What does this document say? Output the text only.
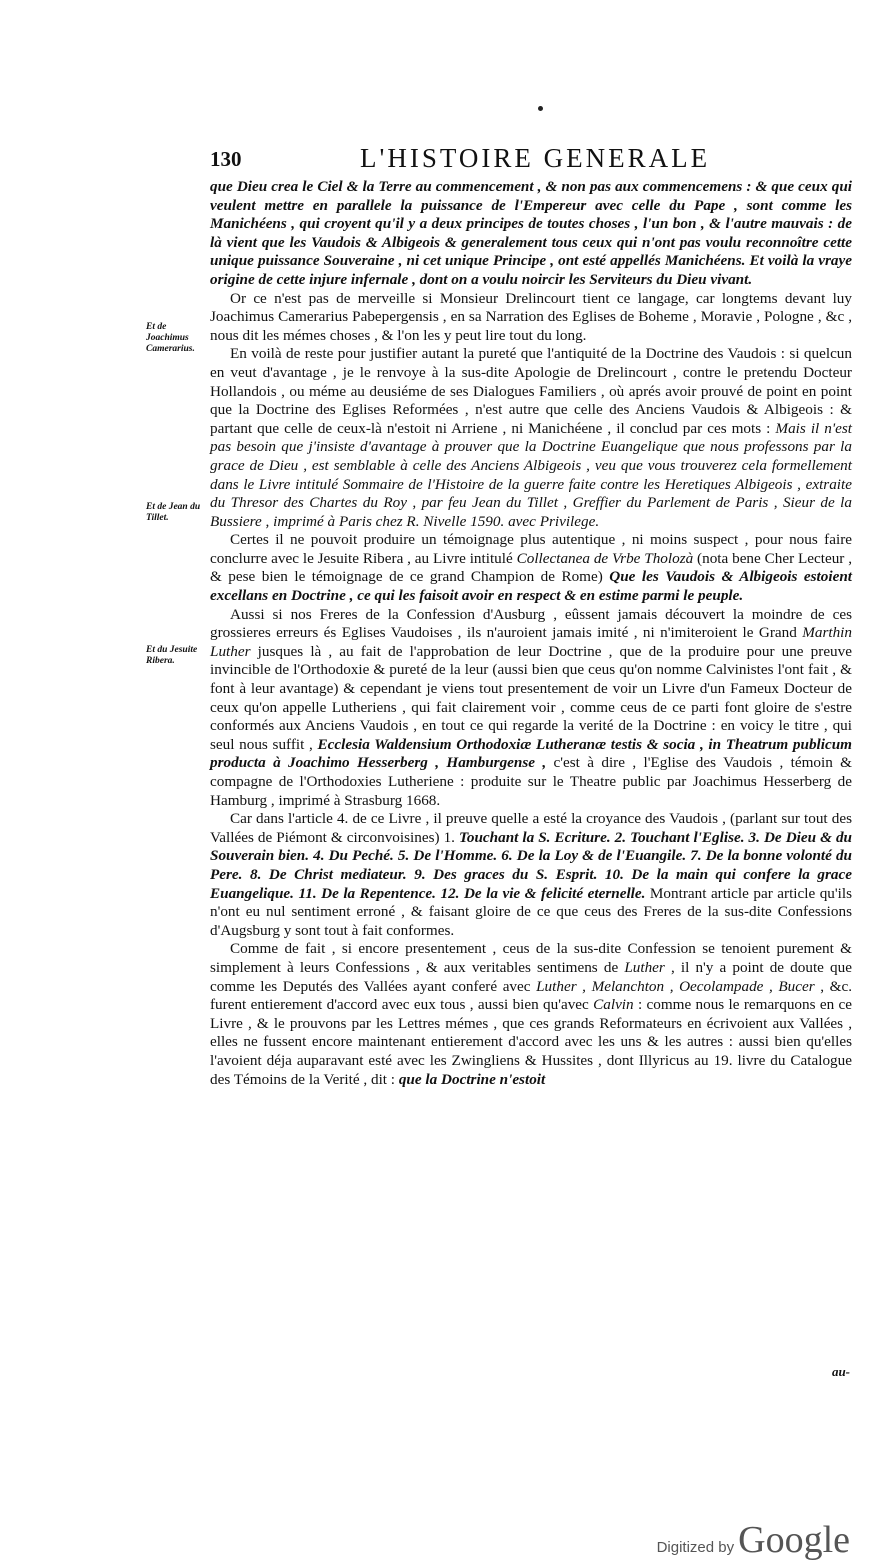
130	L'HISTOIRE GENERALE
Et de Joachimus Camerarius.
Et de Jean du Tillet.
Et du Jesuite Ribera.

que Dieu crea le Ciel & la Terre au commencement , & non pas aux commencemens : & que ceux qui veulent mettre en parallele la puissance de l'Empereur avec celle du Pape , sont comme les Manichéens , qui croyent qu'il y a deux principes de toutes choses , l'un bon , & l'autre mauvais : de là vient que les Vaudois & Albigeois & generalement tous ceux qui n'ont pas voulu reconnoître cette unique puissance Souveraine , ni cet unique Principe , ont esté appellés Manichéens. Et voilà la vraye origine de cette injure infernale , dont on a voulu noircir les Serviteurs du Dieu vivant.

Or ce n'est pas de merveille si Monsieur Drelincourt tient ce langage, car longtems devant luy Joachimus Camerarius Pabepergensis , en sa Narration des Eglises de Boheme , Moravie , Pologne , &c , nous dit les mémes choses , & l'on les y peut lire tout du long.

En voilà de reste pour justifier autant la pureté que l'antiquité de la Doctrine des Vaudois : si quelcun en veut d'avantage , je le renvoye à la sus-dite Apologie de Drelincourt , contre le pretendu Docteur Hollandois , ou méme au deusiéme de ses Dialogues Familiers , où aprés avoir prouvé de point en point que la Doctrine des Eglises Reformées , n'est autre que celle des Anciens Vaudois & Albigeois : & partant que celle de ceux-là n'estoit ni Arriene , ni Manichéene , il conclud par ces mots : Mais il n'est pas besoin que j'insiste d'avantage à prouver que la Doctrine Euangelique que nous professons par la grace de Dieu , est semblable à celle des Anciens Albigeois , veu que vous trouverez cela formellement dans le Livre intitulé Sommaire de l'Histoire de la guerre faite contre les Heretiques Albigeois , extraite du Thresor des Chartes du Roy , par feu Jean du Tillet , Greffier du Parlement de Paris , Sieur de la Bussiere , imprimé à Paris chez R. Nivelle 1590. avec Privilege.

Certes il ne pouvoit produire un témoignage plus autentique , ni moins suspect , pour nous faire conclurre avec le Jesuite Ribera , au Livre intitulé Collectanea de Vrbe Tholozà (nota bene Cher Lecteur , & pese bien le témoignage de ce grand Champion de Rome) Que les Vaudois & Albigeois estoient excellans en Doctrine , ce qui les faisoit avoir en respect & en estime parmi le peuple.

Aussi si nos Freres de la Confession d'Ausburg , eûssent jamais découvert la moindre de ces grossieres erreurs és Eglises Vaudoises , ils n'auroient jamais imité , ni n'imiteroient le Grand Marthin Luther jusques là , au fait de l'approbation de leur Doctrine , que de la produire pour une preuve invincible de l'Orthodoxie & pureté de la leur (aussi bien que ceus qu'on nomme Calvinistes l'ont fait , & font à leur avantage) & cependant je viens tout presentement de voir un Livre d'un Fameux Docteur de ceux qu'on appelle Lutheriens , qui fait clairement voir , comme ceus de ce parti font gloire de s'estre conformés aux Anciens Vaudois , en tout ce qui regarde la verité de la Doctrine : en voicy le titre , qui seul nous suffit , Ecclesia Waldensium Orthodoxiæ Lutheranæ testis & socia , in Theatrum publicum producta à Joachimo Hesserberg , Hamburgense , c'est à dire , l'Eglise des Vaudois , témoin & compagne de l'Orthodoxies Lutheriene : produite sur le Theatre public par Joachimus Hesserberg de Hamburg , imprimé à Strasburg 1668.

Car dans l'article 4. de ce Livre , il preuve quelle a esté la croyance des Vaudois , (parlant sur tout des Vallées de Piémont & circonvoisines) 1. Touchant la S. Ecriture. 2. Touchant l'Eglise. 3. De Dieu & du Souverain bien. 4. Du Peché. 5. De l'Homme. 6. De la Loy & de l'Euangile. 7. De la bonne volonté du Pere. 8. De Christ mediateur. 9. Des graces du S. Esprit. 10. De la main qui confere la grace Euangelique. 11. De la Repentence. 12. De la vie & felicité eternelle. Montrant article par article qu'ils n'ont eu nul sentiment erroné , & faisant gloire de ce que ceus des Freres de la sus-dite Confessions d'Augsburg y sont tout à fait conformes.

Comme de fait , si encore presentement , ceus de la sus-dite Confession se tenoient purement & simplement à leurs Confessions , & aux veritables sentimens de Luther , il n'y a point de doute que comme les Deputés des Vallées ayant conferé avec Luther , Melanchton , Oecolampade , Bucer , &c. furent entierement d'accord avec eux tous , aussi bien qu'avec Calvin : comme nous le remarquons en ce Livre , & le prouvons par les Lettres mémes , que ces grands Reformateurs en écrivoient aux Vallées , elles ne fussent encore maintenant entierement d'accord avec les uns & les autres : aussi bien qu'elles l'avoient déja auparavant esté avec les Zwingliens & Hussites , dont Illyricus au 19. livre du Catalogue des Témoins de la Verité , dit : que la Doctrine n'estoit

au-
Digitized by Google
